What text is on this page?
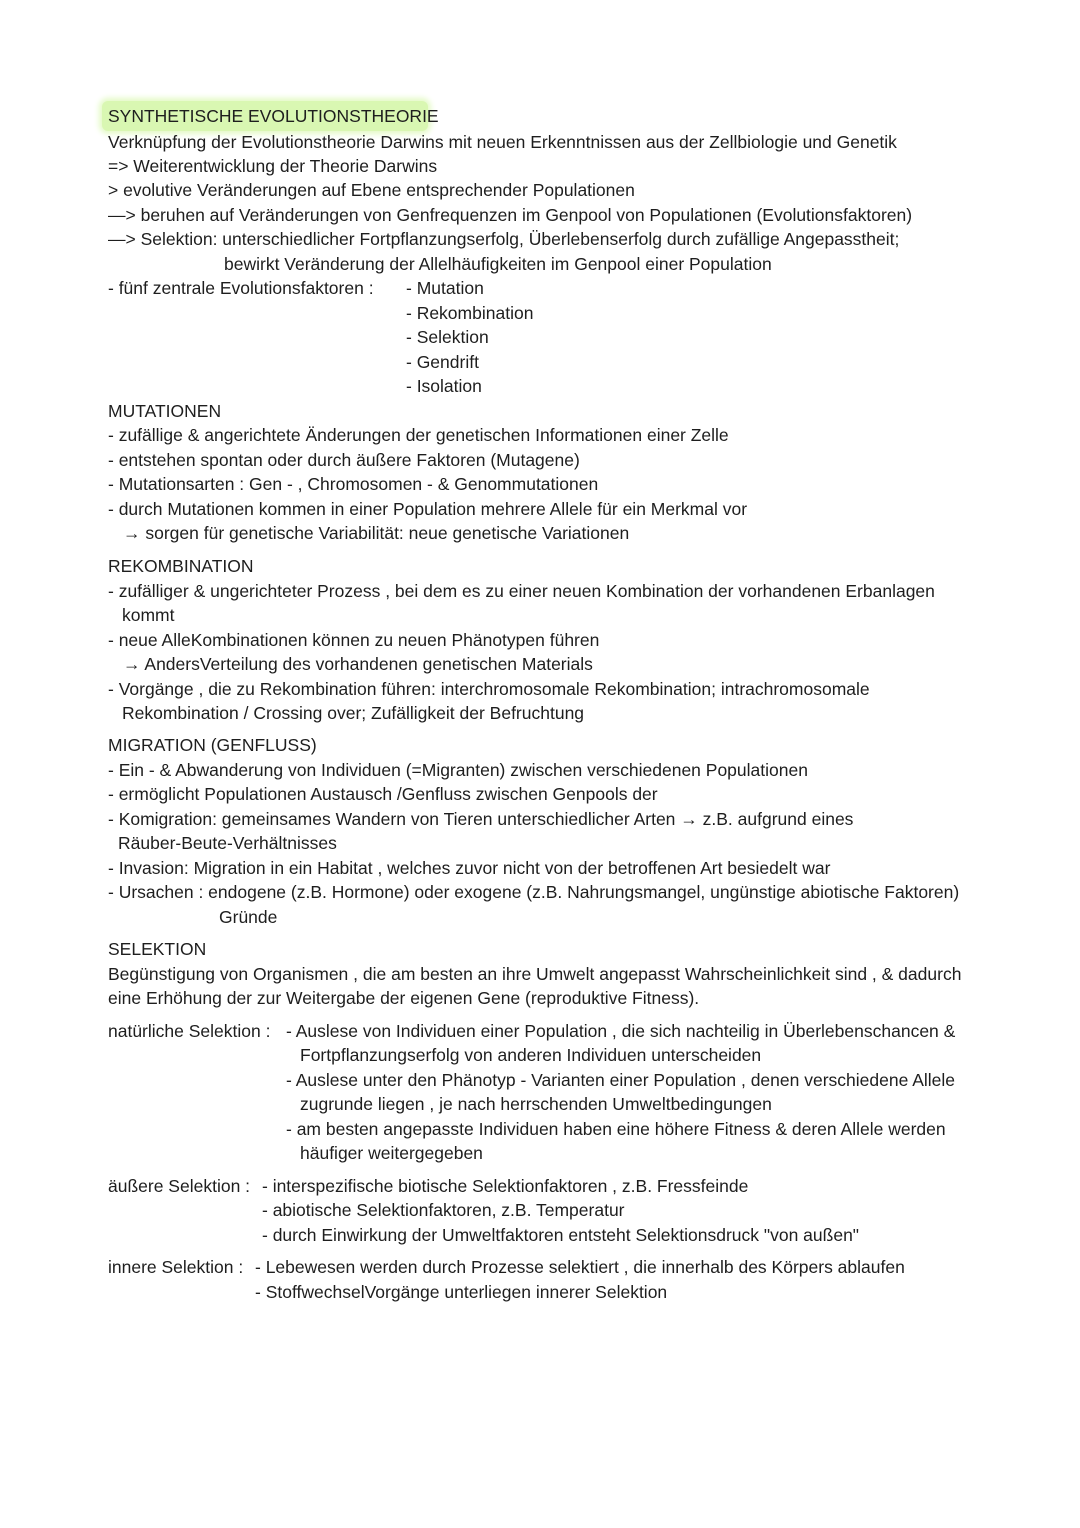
SYNTHETISCHE EVOLUTIONSTHEORIE
Verknüpfung der Evolutionstheorie Darwins mit neuen Erkenntnissen aus der Zellbiologie und Genetik
=> Weiterentwicklung der Theorie Darwins
> evolutive Veränderungen auf Ebene entsprechender Populationen
—> beruhen auf Veränderungen von Genfrequenzen im Genpool von Populationen (Evolutionsfaktoren)
—> Selektion: unterschiedlicher Fortpflanzungserfolg, Überlebenserfolg durch zufällige Angepasstheit;
bewirkt Veränderung der Allelhäufigkeiten im Genpool einer Population
- fünf zentrale Evolutionsfaktoren : - Mutation
- Rekombination
- Selektion
- Gendrift
- Isolation
MUTATIONEN
- zufällige & angerichtete Änderungen der genetischen Informationen einer Zelle
- entstehen spontan oder durch äußere Faktoren (Mutagene)
- Mutationsarten : Gen - , Chromosomen - & Genommutationen
- durch Mutationen kommen in einer Population mehrere Allele für ein Merkmal vor
→ sorgen für genetische Variabilität: neue genetische Variationen
REKOMBINATION
- zufälliger & ungerichteter Prozess , bei dem es zu einer neuen Kombination der vorhandenen Erbanlagen
kommt
- neue AlleKombinationen können zu neuen Phänotypen führen
→ AndersVerteilung des vorhandenen genetischen Materials
- Vorgänge , die zu Rekombination führen: interchromosomale Rekombination; intrachromosomale
Rekombination / Crossing over; Zufälligkeit der Befruchtung
MIGRATION (GENFLUSS)
- Ein - & Abwanderung von Individuen (=Migranten) zwischen verschiedenen Populationen
- ermöglicht Populationen Austausch /Genfluss zwischen Genpools der
- Komigration: gemeinsames Wandern von Tieren unterschiedlicher Arten → z.B. aufgrund eines
Räuber-Beute-Verhältnisses
- Invasion: Migration in ein Habitat , welches zuvor nicht von der betroffenen Art besiedelt war
- Ursachen : endogene (z.B. Hormone) oder exogene (z.B. Nahrungsmangel, ungünstige abiotische Faktoren)
Gründe
SELEKTION
Begünstigung von Organismen , die am besten an ihre Umwelt angepasst Wahrscheinlichkeit sind , & dadurch
eine Erhöhung der zur Weitergabe der eigenen Gene (reproduktive Fitness).
natürliche Selektion : - Auslese von Individuen einer Population , die sich nachteilig in Überlebenschancen &
Fortpflanzungserfolg von anderen Individuen unterscheiden
- Auslese unter den Phänotyp - Varianten einer Population , denen verschiedene Allele
zugrunde liegen , je nach herrschenden Umweltbedingungen
- am besten angepasste Individuen haben eine höhere Fitness & deren Allele werden
häufiger weitergegeben
äußere Selektion : - interspezifische biotische Selektionfaktoren , z.B. Fressfeinde
- abiotische Selektionfaktoren, z.B. Temperatur
- durch Einwirkung der Umweltfaktoren entsteht Selektionsdruck "von außen"
innere Selektion : - Lebewesen werden durch Prozesse selektiert , die innerhalb des Körpers ablaufen
- StoffwechselVorgänge unterliegen innerer Selektion
